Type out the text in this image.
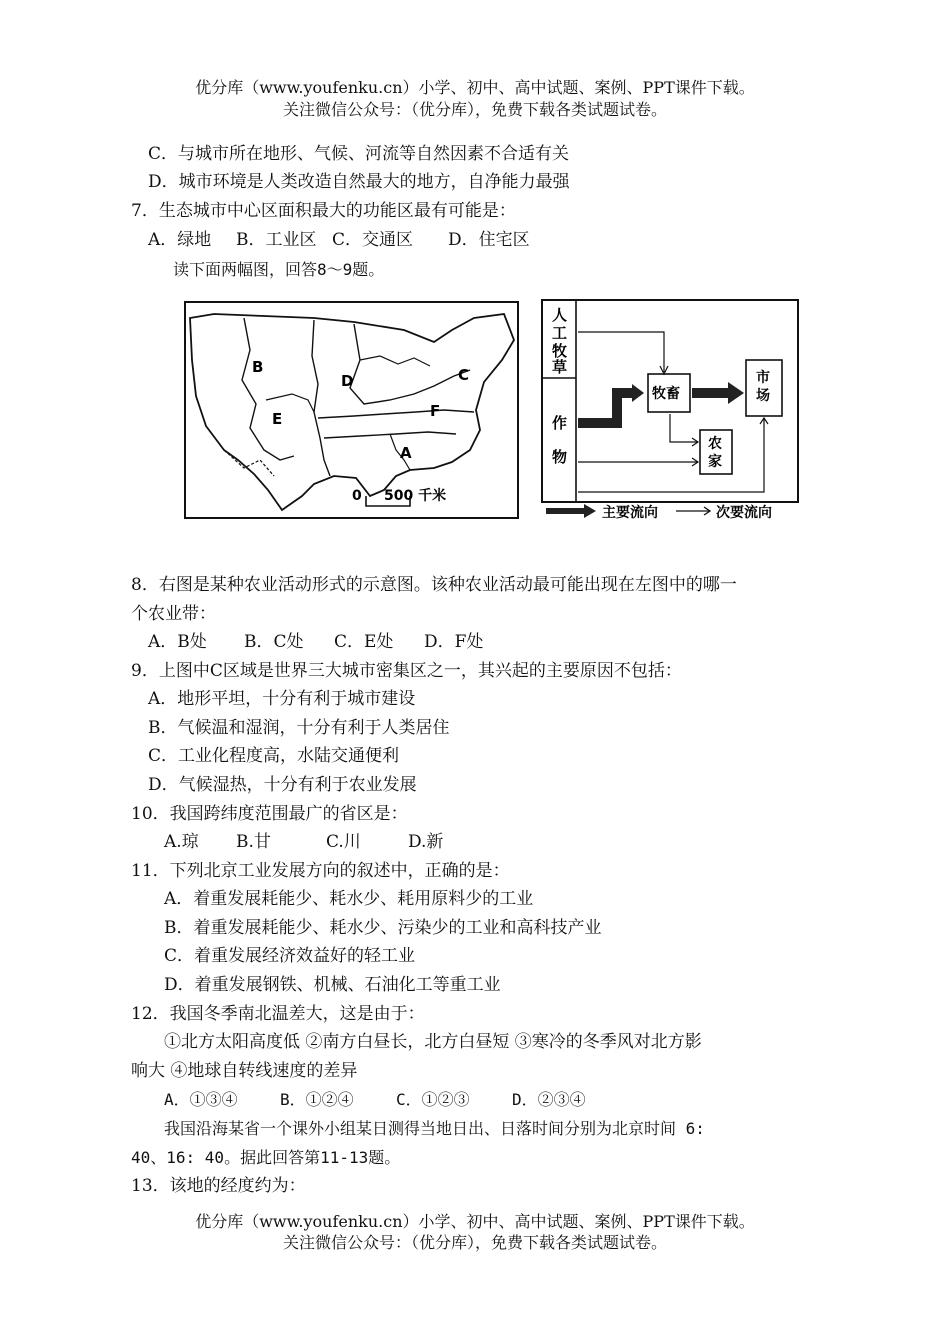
优分库（www.youfenku.cn）小学、初中、高中试题、案例、PPT课件下载。
关注微信公众号：（优分库），免费下载各类试题试卷。
C．与城市所在地形、气候、河流等自然因素不合适有关
D．城市环境是人类改造自然最大的地方，自净能力最强
7．生态城市中心区面积最大的功能区最有可能是：
A．绿地 B．工业区 C．交通区 D．住宅区
读下面两幅图，回答8～9题。
B
D	C
E	F
A
0 500 千米
人
工
牧
草
作
物
牧畜
市
场
农
家
主要流向	次要流向
8．右图是某种农业活动形式的示意图。该种农业活动最可能出现在左图中的哪一
个农业带：
A．B处 B．C处 C．E处 D．F处
9．上图中C区域是世界三大城市密集区之一，其兴起的主要原因不包括：
A．地形平坦，十分有利于城市建设
B．气候温和湿润，十分有利于人类居住
C．工业化程度高，水陆交通便利
D．气候湿热，十分有利于农业发展
10．我国跨纬度范围最广的省区是：
A.琼 B.甘	C.川	D.新
11．下列北京工业发展方向的叙述中，正确的是：
A．着重发展耗能少、耗水少、耗用原料少的工业
B．着重发展耗能少、耗水少、污染少的工业和高科技产业
C．着重发展经济效益好的轻工业
D．着重发展钢铁、机械、石油化工等重工业
12．我国冬季南北温差大，这是由于：
①北方太阳高度低 ②南方白昼长，北方白昼短 ③寒冷的冬季风对北方影
响大 ④地球自转线速度的差异
A．①③④	B．①②④	C．①②③	D．②③④
我国沿海某省一个课外小组某日测得当地日出、日落时间分别为北京时间 6:
40、16: 40。据此回答第11-13题。
13．该地的经度约为：
优分库（www.youfenku.cn）小学、初中、高中试题、案例、PPT课件下载。
关注微信公众号：（优分库），免费下载各类试题试卷。
